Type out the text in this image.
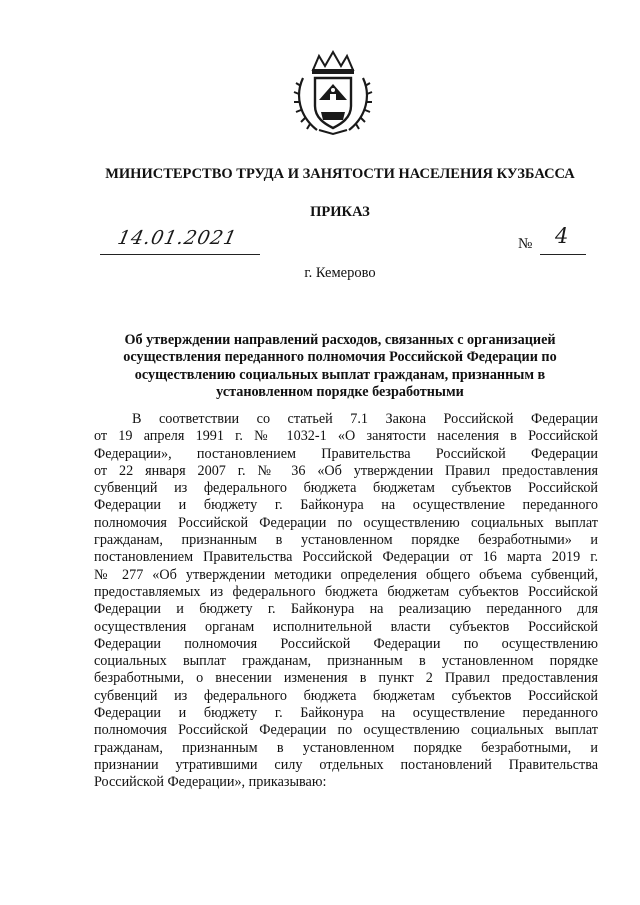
МИНИСТЕРСТВО ТРУДА И ЗАНЯТОСТИ НАСЕЛЕНИЯ КУЗБАССА
ПРИКАЗ
14.01.2021	№ 4
г. Кемерово
Об утверждении направлений расходов, связанных с организацией
осуществления переданного полномочия Российской Федерации по
осуществлению социальных выплат гражданам, признанным в
установленном порядке безработными
В соответствии со статьей 7.1 Закона Российской Федерации
от 19 апреля 1991 г. № 1032-1 «О занятости населения в Российской
Федерации», постановлением Правительства Российской Федерации
от 22 января 2007 г. № 36 «Об утверждении Правил предоставления
субвенций из федерального бюджета бюджетам субъектов Российской
Федерации и бюджету г. Байконура на осуществление переданного
полномочия Российской Федерации по осуществлению социальных выплат
гражданам, признанным в установленном порядке безработными» и
постановлением Правительства Российской Федерации от 16 марта 2019 г.
№ 277 «Об утверждении методики определения общего объема субвенций,
предоставляемых из федерального бюджета бюджетам субъектов Российской
Федерации и бюджету г. Байконура на реализацию переданного для
осуществления органам исполнительной власти субъектов Российской
Федерации полномочия Российской Федерации по осуществлению
социальных выплат гражданам, признанным в установленном порядке
безработными, о внесении изменения в пункт 2 Правил предоставления
субвенций из федерального бюджета бюджетам субъектов Российской
Федерации и бюджету г. Байконура на осуществление переданного
полномочия Российской Федерации по осуществлению социальных выплат
гражданам, признанным в установленном порядке безработными, и
признании утратившими силу отдельных постановлений Правительства
Российской Федерации», приказываю:
